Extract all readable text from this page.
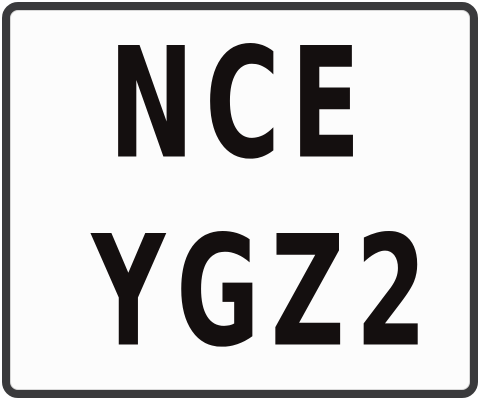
NCE
YGZ2
